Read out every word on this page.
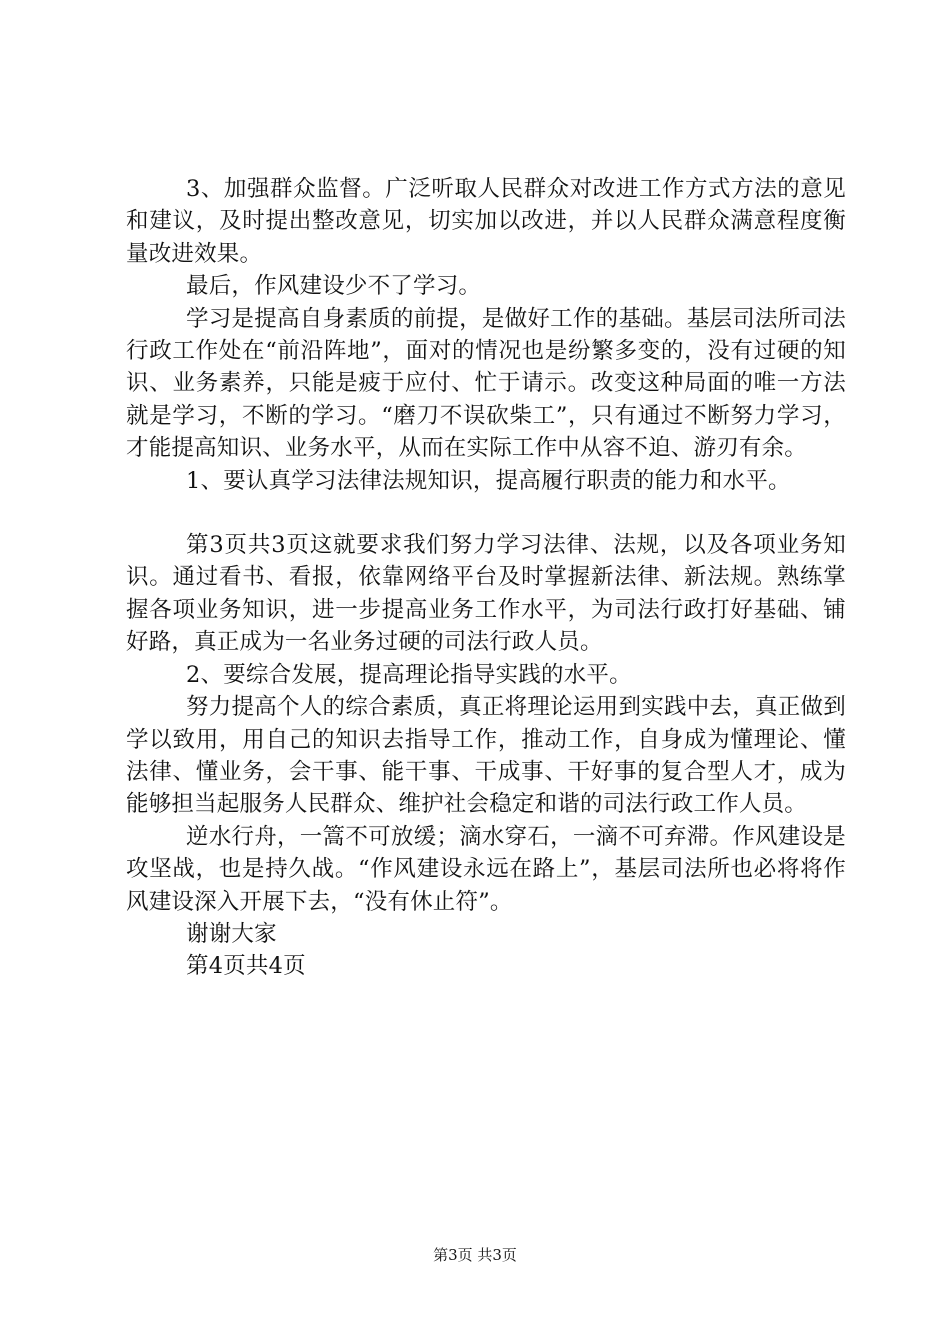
3、加强群众监督。广泛听取人民群众对改进工作方式方法的意见和建议，及时提出整改意见，切实加以改进，并以人民群众满意程度衡量改进效果。

最后，作风建设少不了学习。

学习是提高自身素质的前提，是做好工作的基础。基层司法所司法行政工作处在“前沿阵地”，面对的情况也是纷繁多变的，没有过硬的知识、业务素养，只能是疲于应付、忙于请示。改变这种局面的唯一方法就是学习，不断的学习。“磨刀不误砍柴工”，只有通过不断努力学习，才能提高知识、业务水平，从而在实际工作中从容不迫、游刃有余。

1、要认真学习法律法规知识，提高履行职责的能力和水平。

第3页共3页这就要求我们努力学习法律、法规，以及各项业务知识。通过看书、看报，依靠网络平台及时掌握新法律、新法规。熟练掌握各项业务知识，进一步提高业务工作水平，为司法行政打好基础、铺好路，真正成为一名业务过硬的司法行政人员。

2、要综合发展，提高理论指导实践的水平。

努力提高个人的综合素质，真正将理论运用到实践中去，真正做到学以致用，用自己的知识去指导工作，推动工作，自身成为懂理论、懂法律、懂业务，会干事、能干事、干成事、干好事的复合型人才，成为能够担当起服务人民群众、维护社会稳定和谐的司法行政工作人员。

逆水行舟，一篙不可放缓；滴水穿石，一滴不可弃滞。作风建设是攻坚战，也是持久战。“作风建设永远在路上”，基层司法所也必将将作风建设深入开展下去，“没有休止符”。

谢谢大家

第4页共4页

第3页 共3页
